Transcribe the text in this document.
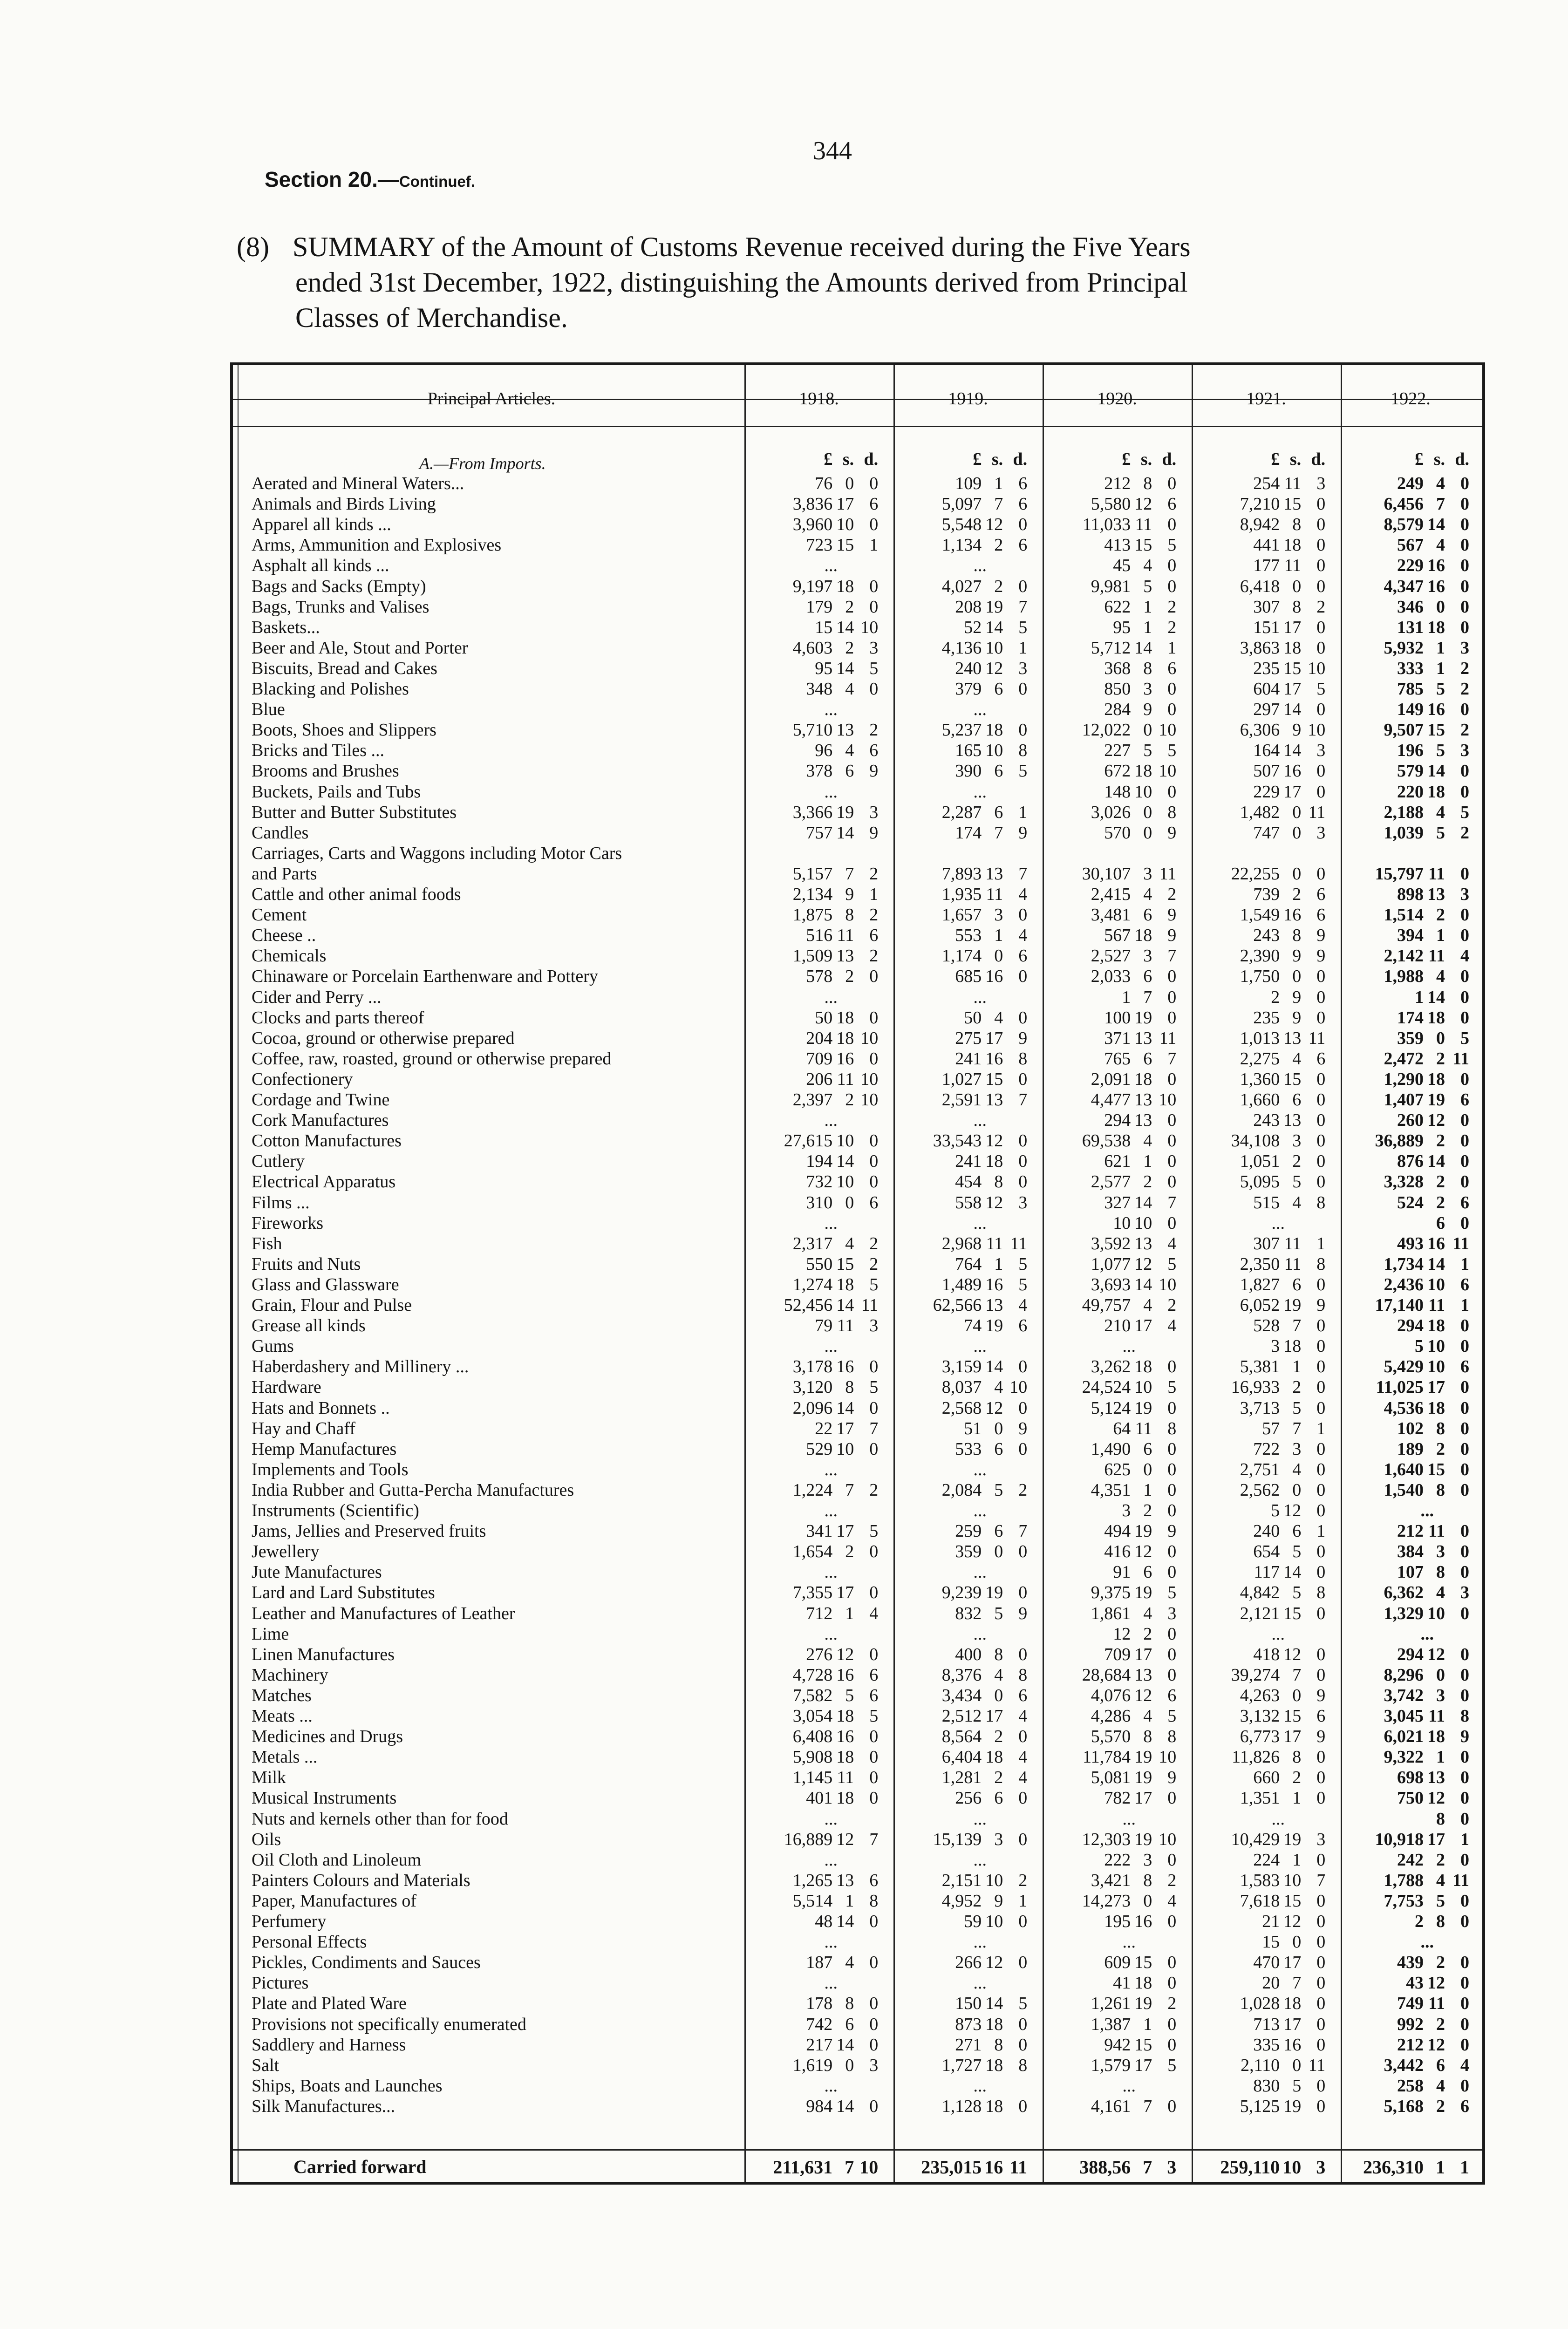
344
Section 20.—Continuef.
(8) SUMMARY of the Amount of Customs Revenue received during the Five Years
ended 31st December, 1922, distinguishing the Amounts derived from Principal
Classes of Merchandise.
Principal Articles.	1918.	1919.	1920.	1921.	1922.
A.—From Imports.	£ s. d.	£ s. d.	£ s. d.	£ s. d.	£ s. d.
Aerated and Mineral Waters...	76 0 0	109 1 6	212 8 0	254 11 3	249 4 0
Animals and Birds Living	3,836 17 6	5,097 7 6	5,580 12 6	7,210 15 0	6,456 7 0
Apparel all kinds ...	3,960 10 0	5,548 12 0	11,033 11 0	8,942 8 0	8,579 14 0
Arms, Ammunition and Explosives	723 15 1	1,134 2 6	413 15 5	441 18 0	567 4 0
Asphalt all kinds ...	...	...	45 4 0	177 11 0	229 16 0
Bags and Sacks (Empty)	9,197 18 0	4,027 2 0	9,981 5 0	6,418 0 0	4,347 16 0
Bags, Trunks and Valises	179 2 0	208 19 7	622 1 2	307 8 2	346 0 0
Baskets...	15 14 10	52 14 5	95 1 2	151 17 0	131 18 0
Beer and Ale, Stout and Porter	4,603 2 3	4,136 10 1	5,712 14 1	3,863 18 0	5,932 1 3
Biscuits, Bread and Cakes	95 14 5	240 12 3	368 8 6	235 15 10	333 1 2
Blacking and Polishes	348 4 0	379 6 0	850 3 0	604 17 5	785 5 2
Blue	...	...	284 9 0	297 14 0	149 16 0
Boots, Shoes and Slippers	5,710 13 2	5,237 18 0	12,022 0 10	6,306 9 10	9,507 15 2
Bricks and Tiles ...	96 4 6	165 10 8	227 5 5	164 14 3	196 5 3
Brooms and Brushes	378 6 9	390 6 5	672 18 10	507 16 0	579 14 0
Buckets, Pails and Tubs	...	...	148 10 0	229 17 0	220 18 0
Butter and Butter Substitutes	3,366 19 3	2,287 6 1	3,026 0 8	1,482 0 11	2,188 4 5
Candles	757 14 9	174 7 9	570 0 9	747 0 3	1,039 5 2
Carriages, Carts and Waggons including Motor Cars
and Parts	5,157 7 2	7,893 13 7	30,107 3 11	22,255 0 0	15,797 11 0
Cattle and other animal foods	2,134 9 1	1,935 11 4	2,415 4 2	739 2 6	898 13 3
Cement	1,875 8 2	1,657 3 0	3,481 6 9	1,549 16 6	1,514 2 0
Cheese ..	516 11 6	553 1 4	567 18 9	243 8 9	394 1 0
Chemicals	1,509 13 2	1,174 0 6	2,527 3 7	2,390 9 9	2,142 11 4
Chinaware or Porcelain Earthenware and Pottery	578 2 0	685 16 0	2,033 6 0	1,750 0 0	1,988 4 0
Cider and Perry ...	...	...	1 7 0	2 9 0	1 14 0
Clocks and parts thereof	50 18 0	50 4 0	100 19 0	235 9 0	174 18 0
Cocoa, ground or otherwise prepared	204 18 10	275 17 9	371 13 11	1,013 13 11	359 0 5
Coffee, raw, roasted, ground or otherwise prepared	709 16 0	241 16 8	765 6 7	2,275 4 6	2,472 2 11
Confectionery	206 11 10	1,027 15 0	2,091 18 0	1,360 15 0	1,290 18 0
Cordage and Twine	2,397 2 10	2,591 13 7	4,477 13 10	1,660 6 0	1,407 19 6
Cork Manufactures	...	...	294 13 0	243 13 0	260 12 0
Cotton Manufactures	27,615 10 0	33,543 12 0	69,538 4 0	34,108 3 0	36,889 2 0
Cutlery	194 14 0	241 18 0	621 1 0	1,051 2 0	876 14 0
Electrical Apparatus	732 10 0	454 8 0	2,577 2 0	5,095 5 0	3,328 2 0
Films ...	310 0 6	558 12 3	327 14 7	515 4 8	524 2 6
Fireworks	...	...	10 10 0	...	6 0
Fish	2,317 4 2	2,968 11 11	3,592 13 4	307 11 1	493 16 11
Fruits and Nuts	550 15 2	764 1 5	1,077 12 5	2,350 11 8	1,734 14 1
Glass and Glassware	1,274 18 5	1,489 16 5	3,693 14 10	1,827 6 0	2,436 10 6
Grain, Flour and Pulse	52,456 14 11	62,566 13 4	49,757 4 2	6,052 19 9	17,140 11 1
Grease all kinds	79 11 3	74 19 6	210 17 4	528 7 0	294 18 0
Gums	...	...	...	3 18 0	5 10 0
Haberdashery and Millinery ...	3,178 16 0	3,159 14 0	3,262 18 0	5,381 1 0	5,429 10 6
Hardware	3,120 8 5	8,037 4 10	24,524 10 5	16,933 2 0	11,025 17 0
Hats and Bonnets ..	2,096 14 0	2,568 12 0	5,124 19 0	3,713 5 0	4,536 18 0
Hay and Chaff	22 17 7	51 0 9	64 11 8	57 7 1	102 8 0
Hemp Manufactures	529 10 0	533 6 0	1,490 6 0	722 3 0	189 2 0
Implements and Tools	...	...	625 0 0	2,751 4 0	1,640 15 0
India Rubber and Gutta-Percha Manufactures	1,224 7 2	2,084 5 2	4,351 1 0	2,562 0 0	1,540 8 0
Instruments (Scientific)	...	...	3 2 0	5 12 0	...
Jams, Jellies and Preserved fruits	341 17 5	259 6 7	494 19 9	240 6 1	212 11 0
Jewellery	1,654 2 0	359 0 0	416 12 0	654 5 0	384 3 0
Jute Manufactures	...	...	91 6 0	117 14 0	107 8 0
Lard and Lard Substitutes	7,355 17 0	9,239 19 0	9,375 19 5	4,842 5 8	6,362 4 3
Leather and Manufactures of Leather	712 1 4	832 5 9	1,861 4 3	2,121 15 0	1,329 10 0
Lime	...	...	12 2 0	...	...
Linen Manufactures	276 12 0	400 8 0	709 17 0	418 12 0	294 12 0
Machinery	4,728 16 6	8,376 4 8	28,684 13 0	39,274 7 0	8,296 0 0
Matches	7,582 5 6	3,434 0 6	4,076 12 6	4,263 0 9	3,742 3 0
Meats ...	3,054 18 5	2,512 17 4	4,286 4 5	3,132 15 6	3,045 11 8
Medicines and Drugs	6,408 16 0	8,564 2 0	5,570 8 8	6,773 17 9	6,021 18 9
Metals ...	5,908 18 0	6,404 18 4	11,784 19 10	11,826 8 0	9,322 1 0
Milk	1,145 11 0	1,281 2 4	5,081 19 9	660 2 0	698 13 0
Musical Instruments	401 18 0	256 6 0	782 17 0	1,351 1 0	750 12 0
Nuts and kernels other than for food	...	...	...	...	8 0
Oils	16,889 12 7	15,139 3 0	12,303 19 10	10,429 19 3	10,918 17 1
Oil Cloth and Linoleum	...	...	222 3 0	224 1 0	242 2 0
Painters Colours and Materials	1,265 13 6	2,151 10 2	3,421 8 2	1,583 10 7	1,788 4 11
Paper, Manufactures of	5,514 1 8	4,952 9 1	14,273 0 4	7,618 15 0	7,753 5 0
Perfumery	48 14 0	59 10 0	195 16 0	21 12 0	2 8 0
Personal Effects	...	...	...	15 0 0	...
Pickles, Condiments and Sauces	187 4 0	266 12 0	609 15 0	470 17 0	439 2 0
Pictures	...	...	41 18 0	20 7 0	43 12 0
Plate and Plated Ware	178 8 0	150 14 5	1,261 19 2	1,028 18 0	749 11 0
Provisions not specifically enumerated	742 6 0	873 18 0	1,387 1 0	713 17 0	992 2 0
Saddlery and Harness	217 14 0	271 8 0	942 15 0	335 16 0	212 12 0
Salt	1,619 0 3	1,727 18 8	1,579 17 5	2,110 0 11	3,442 6 4
Ships, Boats and Launches	...	...	...	830 5 0	258 4 0
Silk Manufactures...	984 14 0	1,128 18 0	4,161 7 0	5,125 19 0	5,168 2 6
Carried forward	211,631 7 10	235,015 16 11	388,56 7 3	259,110 10 3	236,310 1 1
